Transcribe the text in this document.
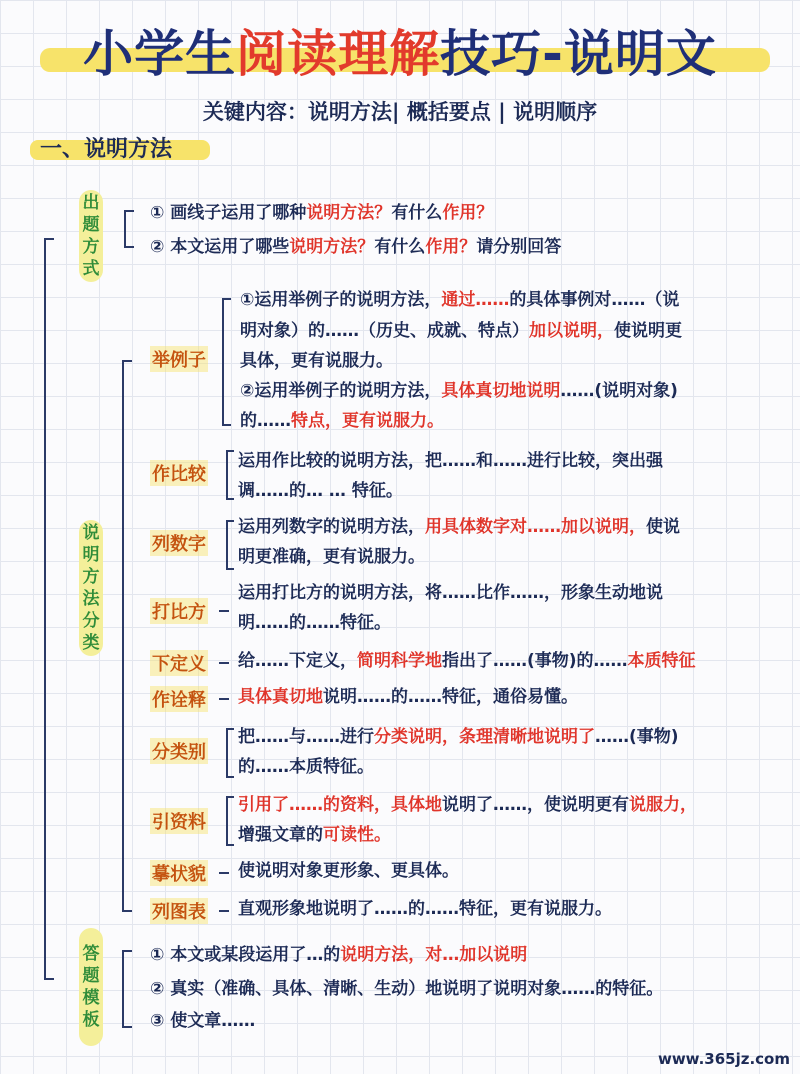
小学生阅读理解技巧-说明文
关键内容：说明方法| 概括要点 | 说明顺序
一、说明方法
出
题
方
式
说
明
方
法
分
类
答
题
模
板
① 画线子运用了哪种说明方法？有什么作用？
② 本文运用了哪些说明方法？有什么作用？请分别回答
举例子
①运用举例子的说明方法，通过……的具体事例对……（说
明对象）的……（历史、成就、特点）加以说明，使说明更
具体，更有说服力。
②运用举例子的说明方法，具体真切地说明……(说明对象)
的……特点，更有说服力。
作比较
运用作比较的说明方法，把……和……进行比较，突出强
调……的… … 特征。
列数字
运用列数字的说明方法，用具体数字对……加以说明，使说
明更准确，更有说服力。
打比方
运用打比方的说明方法，将……比作……，形象生动地说
明……的……特征。
下定义 给……下定义，简明科学地指出了……(事物)的……本质特征
作诠释 具体真切地说明……的……特征，通俗易懂。
分类别
把……与……进行分类说明，条理清晰地说明了……(事物)
的……本质特征。
引资料
引用了……的资料，具体地说明了……，使说明更有说服力，
增强文章的可读性。
摹状貌 使说明对象更形象、更具体。
列图表 直观形象地说明了……的……特征，更有说服力。
① 本文或某段运用了…的说明方法，对…加以说明
② 真实（准确、具体、清晰、生动）地说明了说明对象……的特征。
③ 使文章……
www.365jz.com
